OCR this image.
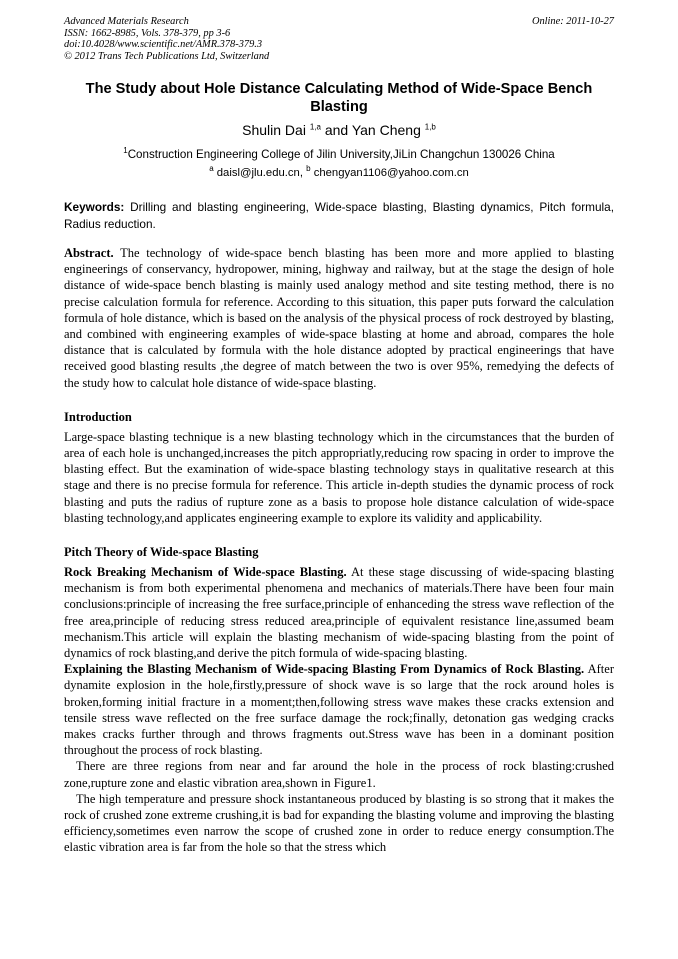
Advanced Materials Research
ISSN: 1662-8985, Vols. 378-379, pp 3-6
doi:10.4028/www.scientific.net/AMR.378-379.3
© 2012 Trans Tech Publications Ltd, Switzerland
Online: 2011-10-27
The Study about Hole Distance Calculating Method of Wide-Space Bench Blasting
Shulin Dai $^{1,a}$ and Yan Cheng $^{1,b}$
$^1$Construction Engineering College of Jilin University,JiLin Changchun 130026 China
$^a$ daisl@jlu.edu.cn, $^b$ chengyan1106@yahoo.com.cn
Keywords: Drilling and blasting engineering, Wide-space blasting, Blasting dynamics, Pitch formula, Radius reduction.
Abstract. The technology of wide-space bench blasting has been more and more applied to blasting engineerings of conservancy, hydropower, mining, highway and railway, but at the stage the design of hole distance of wide-space bench blasting is mainly used analogy method and site testing method, there is no precise calculation formula for reference. According to this situation, this paper puts forward the calculation formula of hole distance, which is based on the analysis of the physical process of rock destroyed by blasting, and combined with engineering examples of wide-space blasting at home and abroad, compares the hole distance that is calculated by formula with the hole distance adopted by practical engineerings that have received good blasting results ,the degree of match between the two is over 95%, remedying the defects of the study how to calculat hole distance of wide-space blasting.
Introduction

Large-space blasting technique is a new blasting technology which in the circumstances that the burden of area of each hole is unchanged,increases the pitch appropriatly,reducing row spacing in order to improve the blasting effect. But the examination of wide-space blasting technology stays in qualitative research at this stage and there is no precise formula for reference. This article in-depth studies the dynamic process of rock blasting and puts the radius of rupture zone as a basis to propose hole distance calculation of wide-space blasting technology,and applicates engineering example to explore its validity and applicability.

Pitch Theory of Wide-space Blasting

Rock Breaking Mechanism of Wide-space Blasting. At these stage discussing of wide-spacing blasting mechanism is from both experimental phenomena and mechanics of materials.There have been four main conclusions:principle of increasing the free surface,principle of enhanceding the stress wave reflection of the free area,principle of reducing stress reduced area,principle of equivalent resistance line,assumed beam mechanism.This article will explain the blasting mechanism of wide-spacing blasting from the point of dynamics of rock blasting,and derive the pitch formula of wide-spacing blasting.

Explaining the Blasting Mechanism of Wide-spacing Blasting From Dynamics of Rock Blasting. After dynamite explosion in the hole,firstly,pressure of shock wave is so large that the rock around holes is broken,forming initial fracture in a moment;then,following stress wave makes these cracks extension and tensile stress wave reflected on the free surface damage the rock;finally, detonation gas wedging cracks makes cracks further through and throws fragments out.Stress wave has been in a dominant position throughout the process of rock blasting.

There are three regions from near and far around the hole in the process of rock blasting:crushed zone,rupture zone and elastic vibration area,shown in Figure1.

The high temperature and pressure shock instantaneous produced by blasting is so strong that it makes the rock of crushed zone extreme crushing,it is bad for expanding the blasting volume and improving the blasting efficiency,sometimes even narrow the scope of crushed zone in order to reduce energy consumption.The elastic vibration area is far from the hole so that the stress which
